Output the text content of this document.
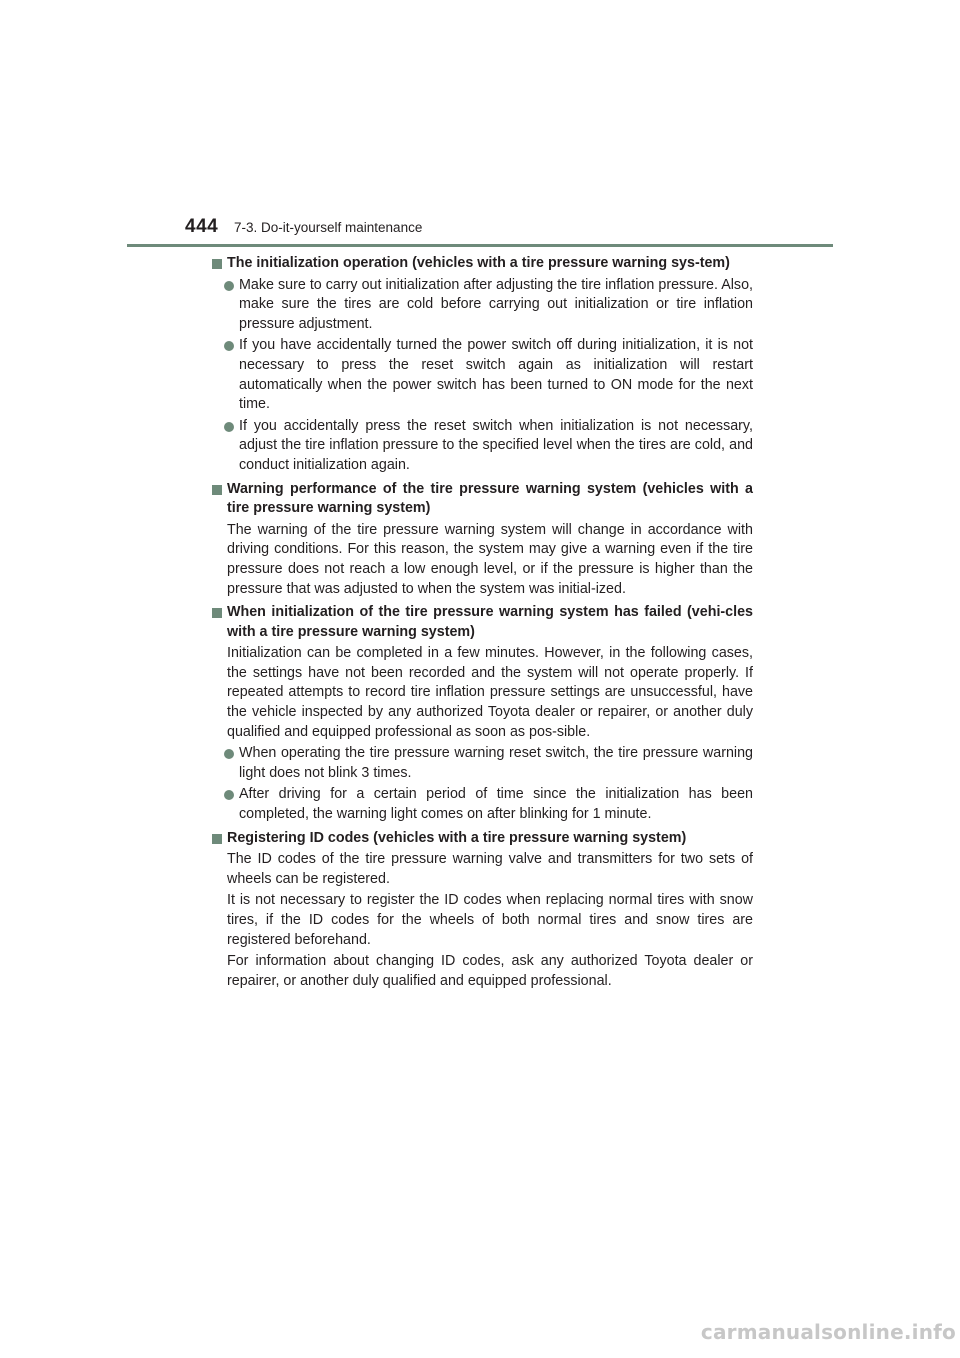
444 7-3. Do-it-yourself maintenance
The initialization operation (vehicles with a tire pressure warning sys-tem)
Make sure to carry out initialization after adjusting the tire inflation pressure. Also, make sure the tires are cold before carrying out initialization or tire inflation pressure adjustment.
If you have accidentally turned the power switch off during initialization, it is not necessary to press the reset switch again as initialization will restart automatically when the power switch has been turned to ON mode for the next time.
If you accidentally press the reset switch when initialization is not necessary, adjust the tire inflation pressure to the specified level when the tires are cold, and conduct initialization again.
Warning performance of the tire pressure warning system (vehicles with a tire pressure warning system)
The warning of the tire pressure warning system will change in accordance with driving conditions. For this reason, the system may give a warning even if the tire pressure does not reach a low enough level, or if the pressure is higher than the pressure that was adjusted to when the system was initial-ized.
When initialization of the tire pressure warning system has failed (vehi-cles with a tire pressure warning system)
Initialization can be completed in a few minutes. However, in the following cases, the settings have not been recorded and the system will not operate properly. If repeated attempts to record tire inflation pressure settings are unsuccessful, have the vehicle inspected by any authorized Toyota dealer or repairer, or another duly qualified and equipped professional as soon as pos-sible.
When operating the tire pressure warning reset switch, the tire pressure warning light does not blink 3 times.
After driving for a certain period of time since the initialization has been completed, the warning light comes on after blinking for 1 minute.
Registering ID codes (vehicles with a tire pressure warning system)
The ID codes of the tire pressure warning valve and transmitters for two sets of wheels can be registered.
It is not necessary to register the ID codes when replacing normal tires with snow tires, if the ID codes for the wheels of both normal tires and snow tires are registered beforehand.
For information about changing ID codes, ask any authorized Toyota dealer or repairer, or another duly qualified and equipped professional.
carmanualsonline.info
